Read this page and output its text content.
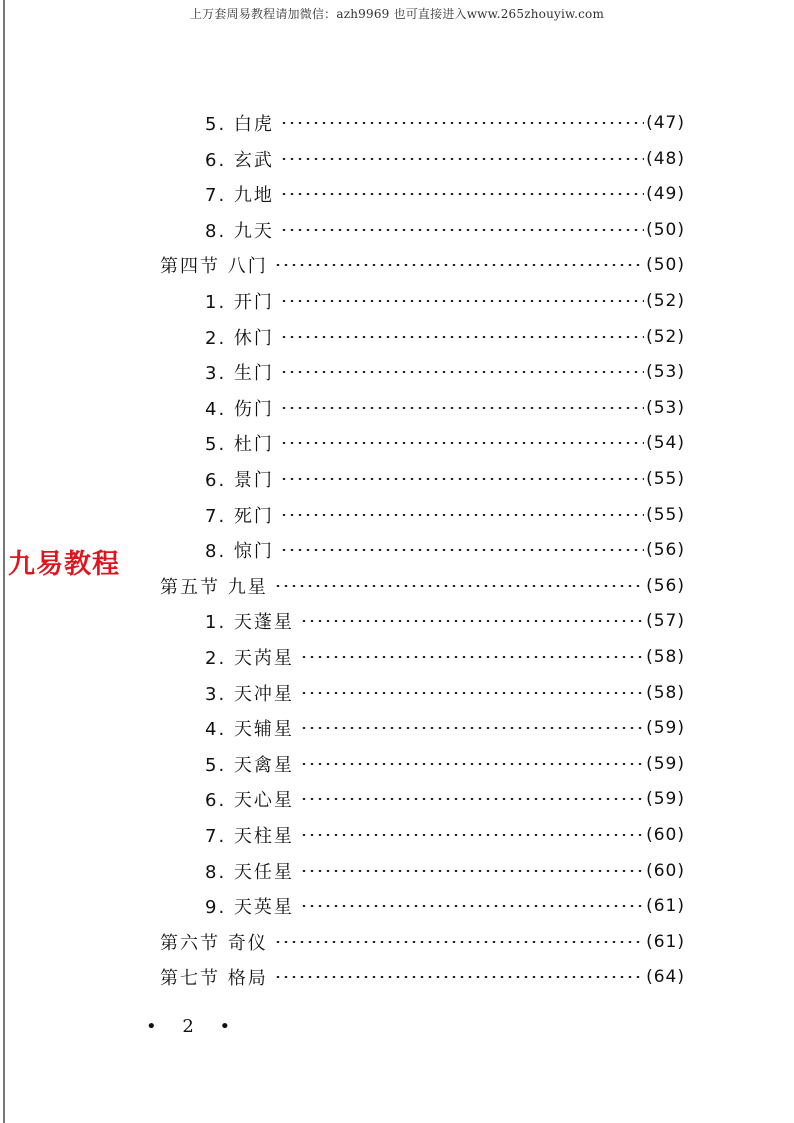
上万套周易教程请加微信：azh9969 也可直接进入www.265zhouyiw.com
九易教程
5. 白虎	(47)
6. 玄武	(48)
7. 九地	(49)
8. 九天	(50)
第四节 八门	(50)
1. 开门	(52)
2. 休门	(52)
3. 生门	(53)
4. 伤门	(53)
5. 杜门	(54)
6. 景门	(55)
7. 死门	(55)
8. 惊门	(56)
第五节 九星	(56)
1. 天蓬星	(57)
2. 天芮星	(58)
3. 天冲星	(58)
4. 天辅星	(59)
5. 天禽星	(59)
6. 天心星	(59)
7. 天柱星	(60)
8. 天任星	(60)
9. 天英星	(61)
第六节 奇仪	(61)
第七节 格局	(64)
• 2 •
